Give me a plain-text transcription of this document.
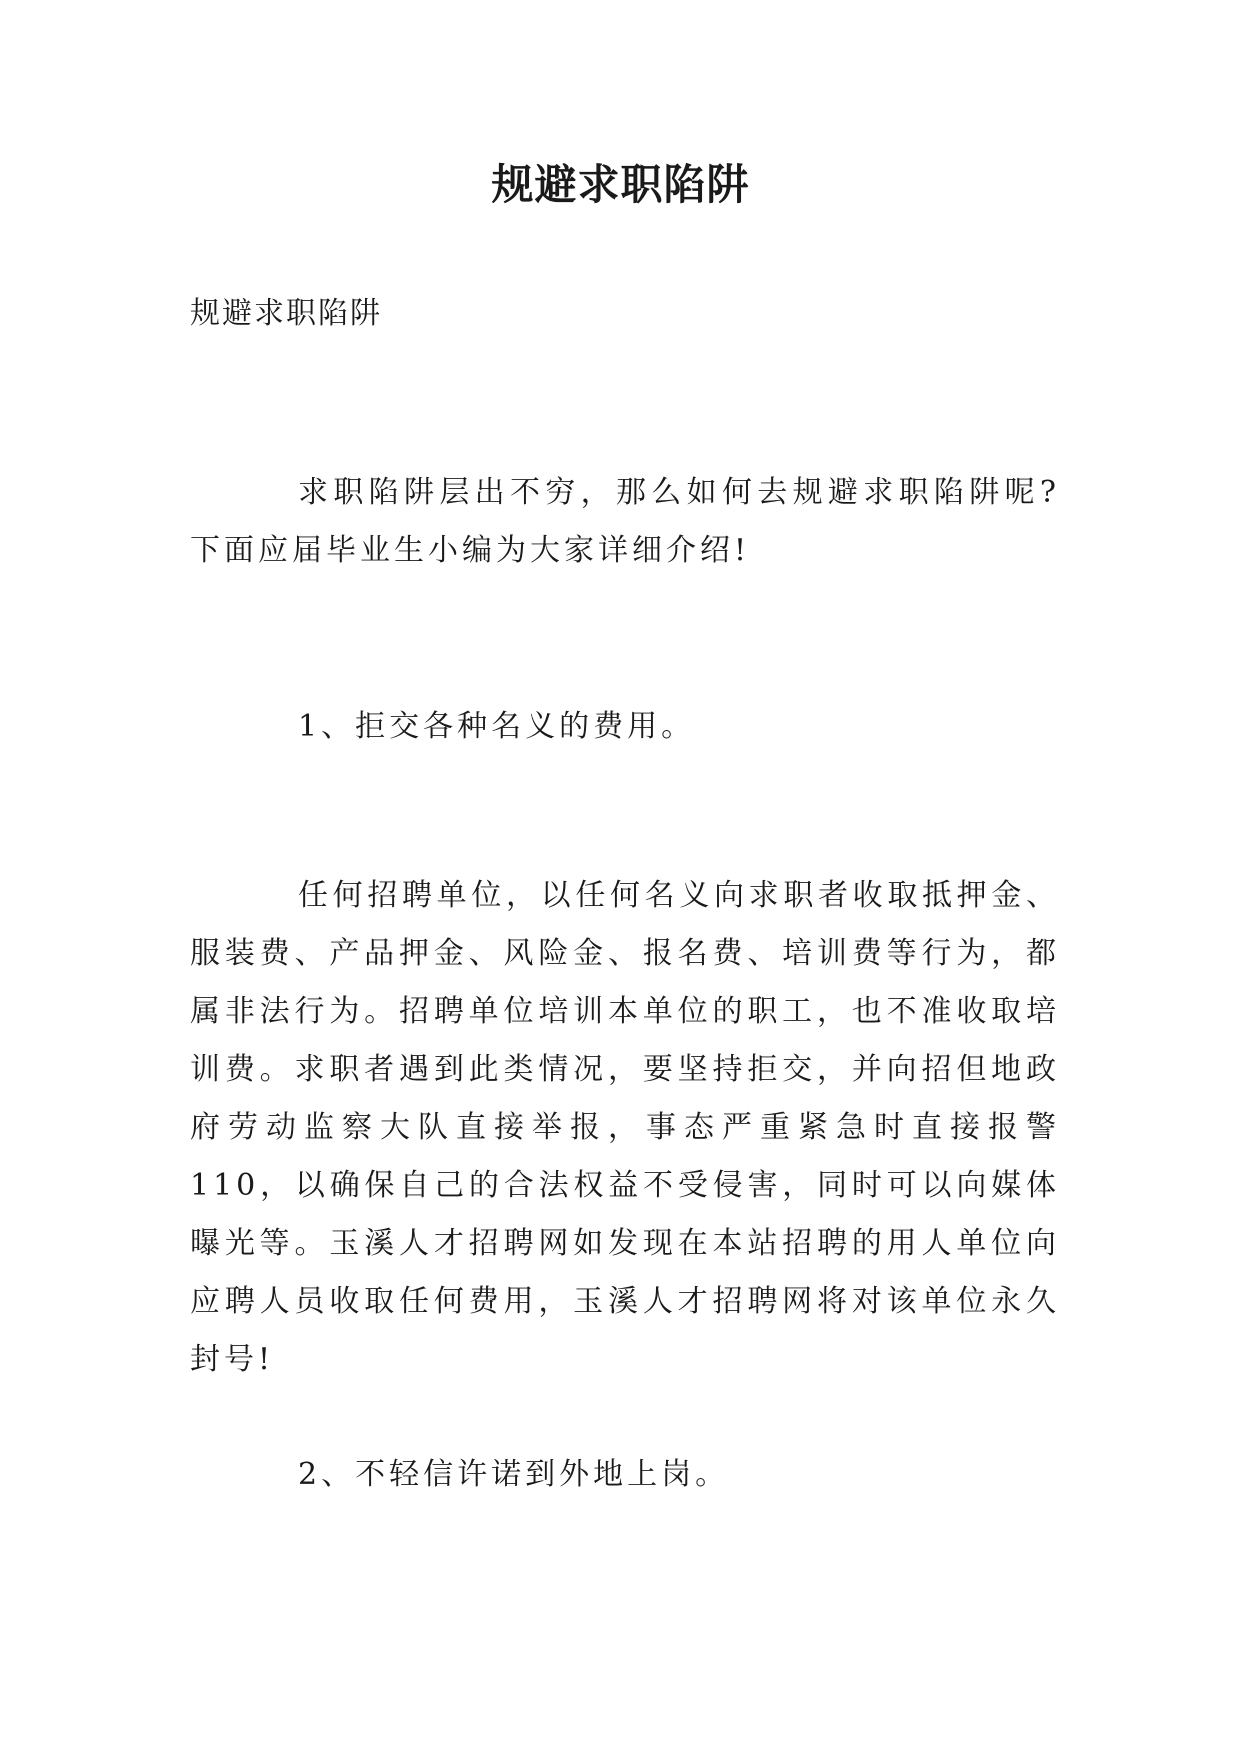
规避求职陷阱

规避求职陷阱

求职陷阱层出不穷，那么如何去规避求职陷阱呢?下面应届毕业生小编为大家详细介绍!

1、拒交各种名义的费用。

任何招聘单位，以任何名义向求职者收取抵押金、服装费、产品押金、风险金、报名费、培训费等行为，都属非法行为。招聘单位培训本单位的职工，也不准收取培训费。求职者遇到此类情况，要坚持拒交，并向招但地政府劳动监察大队直接举报，事态严重紧急时直接报警110，以确保自己的合法权益不受侵害，同时可以向媒体曝光等。玉溪人才招聘网如发现在本站招聘的用人单位向应聘人员收取任何费用，玉溪人才招聘网将对该单位永久封号!

2、不轻信许诺到外地上岗。
